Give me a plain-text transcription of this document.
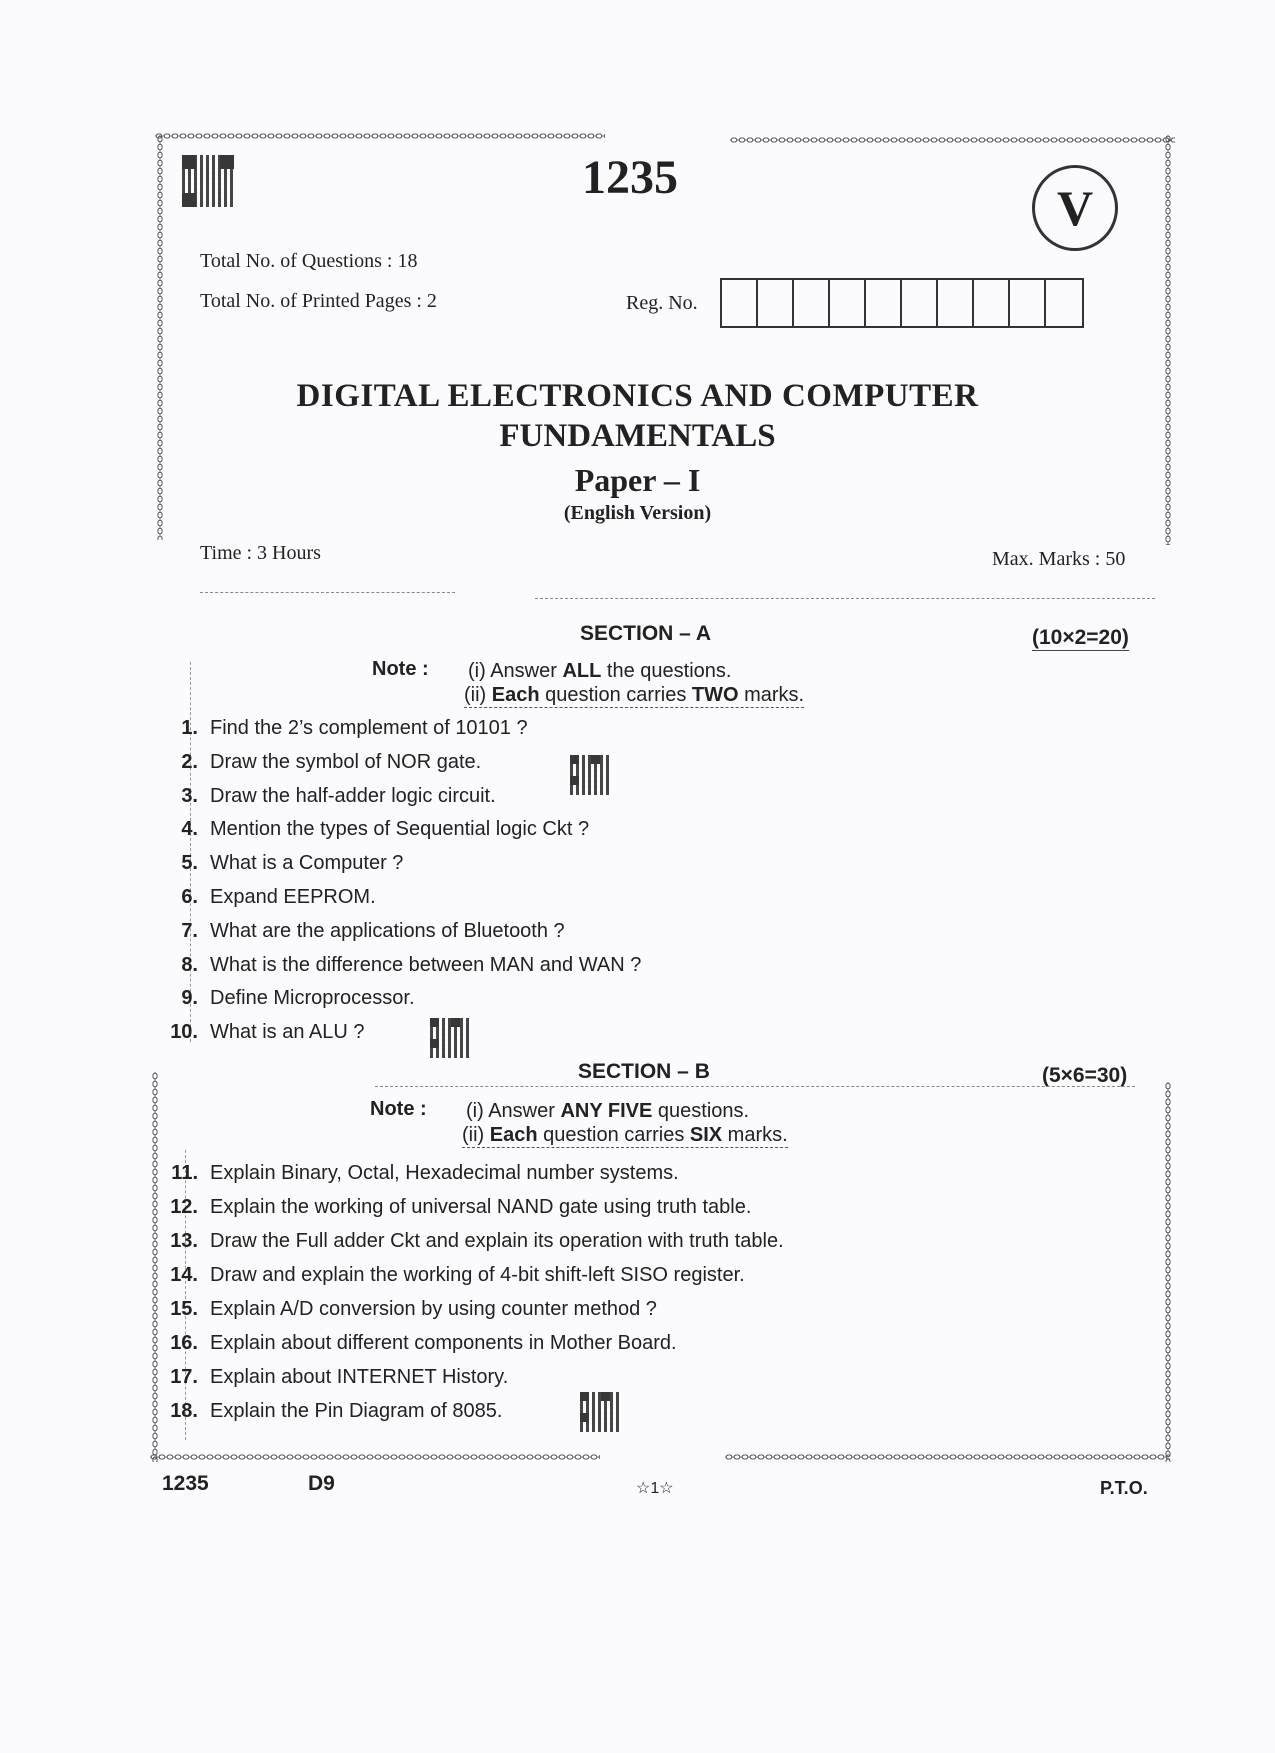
1235
V
Total No. of Questions : 18
Total No. of Printed Pages : 2	Reg. No.
DIGITAL ELECTRONICS AND COMPUTER
FUNDAMENTALS
Paper – I
(English Version)
Time : 3 Hours	Max. Marks : 50
SECTION – A	(10×2=20)
Note : (i) Answer ALL the questions.
(ii) Each question carries TWO marks.
1. Find the 2’s complement of 10101 ?
2. Draw the symbol of NOR gate.
3. Draw the half-adder logic circuit.
4. Mention the types of Sequential logic Ckt ?
5. What is a Computer ?
6. Expand EEPROM.
7. What are the applications of Bluetooth ?
8. What is the difference between MAN and WAN ?
9. Define Microprocessor.
10. What is an ALU ?
SECTION – B	(5×6=30)
Note : (i) Answer ANY FIVE questions.
(ii) Each question carries SIX marks.
11. Explain Binary, Octal, Hexadecimal number systems.
12. Explain the working of universal NAND gate using truth table.
13. Draw the Full adder Ckt and explain its operation with truth table.
14. Draw and explain the working of 4-bit shift-left SISO register.
15. Explain A/D conversion by using counter method ?
16. Explain about different components in Mother Board.
17. Explain about INTERNET History.
18. Explain the Pin Diagram of 8085.
1235	D9	☆1☆	P.T.O.
